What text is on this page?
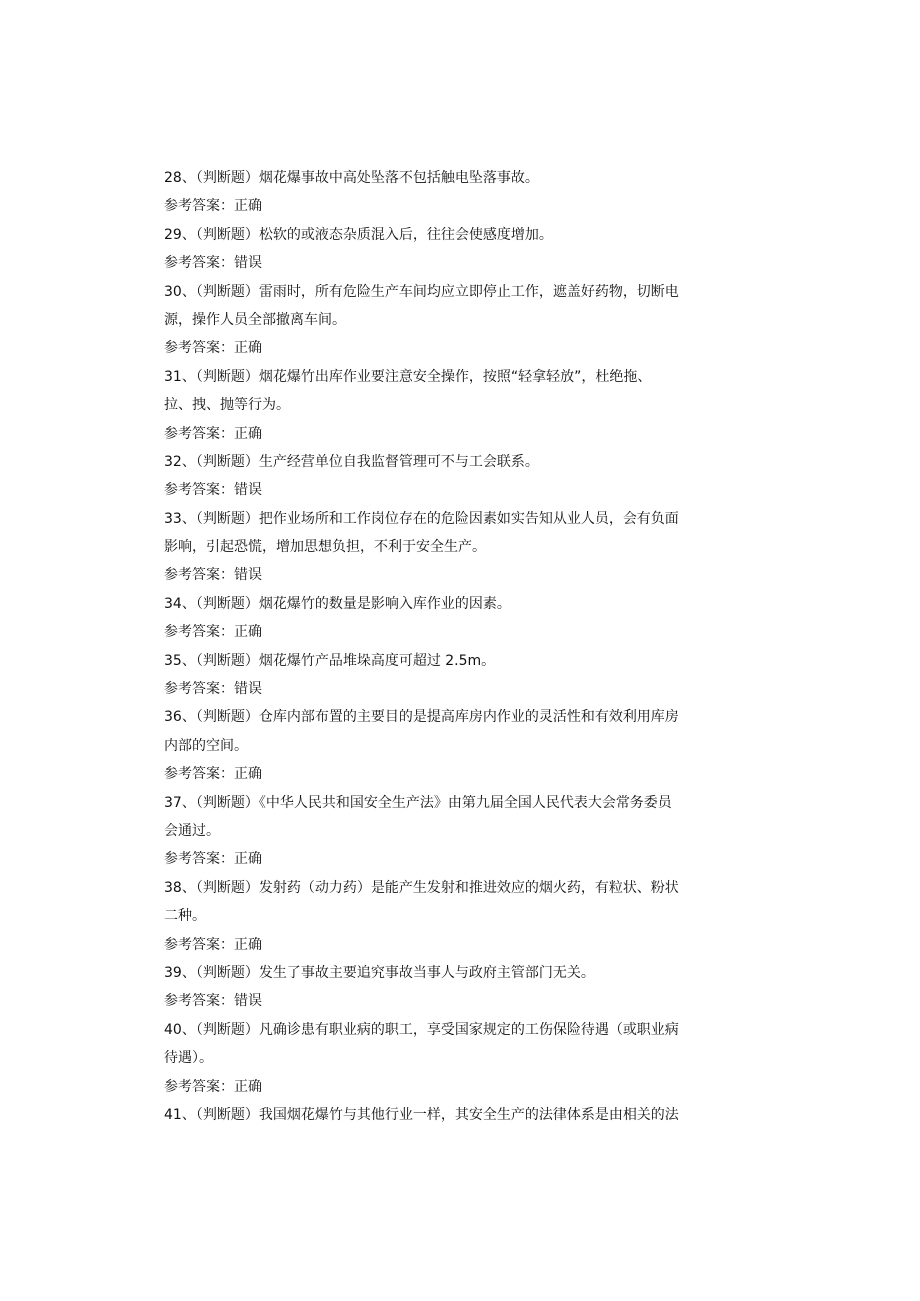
28、（判断题）烟花爆事故中高处坠落不包括触电坠落事故。
参考答案：正确
29、（判断题）松软的或液态杂质混入后，往往会使感度增加。
参考答案：错误
30、（判断题）雷雨时，所有危险生产车间均应立即停止工作，遮盖好药物，切断电
源，操作人员全部撤离车间。
参考答案：正确
31、（判断题）烟花爆竹出库作业要注意安全操作，按照“轻拿轻放”，杜绝拖、
拉、拽、抛等行为。
参考答案：正确
32、（判断题）生产经营单位自我监督管理可不与工会联系。
参考答案：错误
33、（判断题）把作业场所和工作岗位存在的危险因素如实告知从业人员，会有负面
影响，引起恐慌，增加思想负担，不利于安全生产。
参考答案：错误
34、（判断题）烟花爆竹的数量是影响入库作业的因素。
参考答案：正确
35、（判断题）烟花爆竹产品堆垛高度可超过 2.5m。
参考答案：错误
36、（判断题）仓库内部布置的主要目的是提高库房内作业的灵活性和有效利用库房
内部的空间。
参考答案：正确
37、（判断题）《中华人民共和国安全生产法》由第九届全国人民代表大会常务委员
会通过。
参考答案：正确
38、（判断题）发射药（动力药）是能产生发射和推进效应的烟火药，有粒状、粉状
二种。
参考答案：正确
39、（判断题）发生了事故主要追究事故当事人与政府主管部门无关。
参考答案：错误
40、（判断题）凡确诊患有职业病的职工，享受国家规定的工伤保险待遇（或职业病
待遇）。
参考答案：正确
41、（判断题）我国烟花爆竹与其他行业一样，其安全生产的法律体系是由相关的法
